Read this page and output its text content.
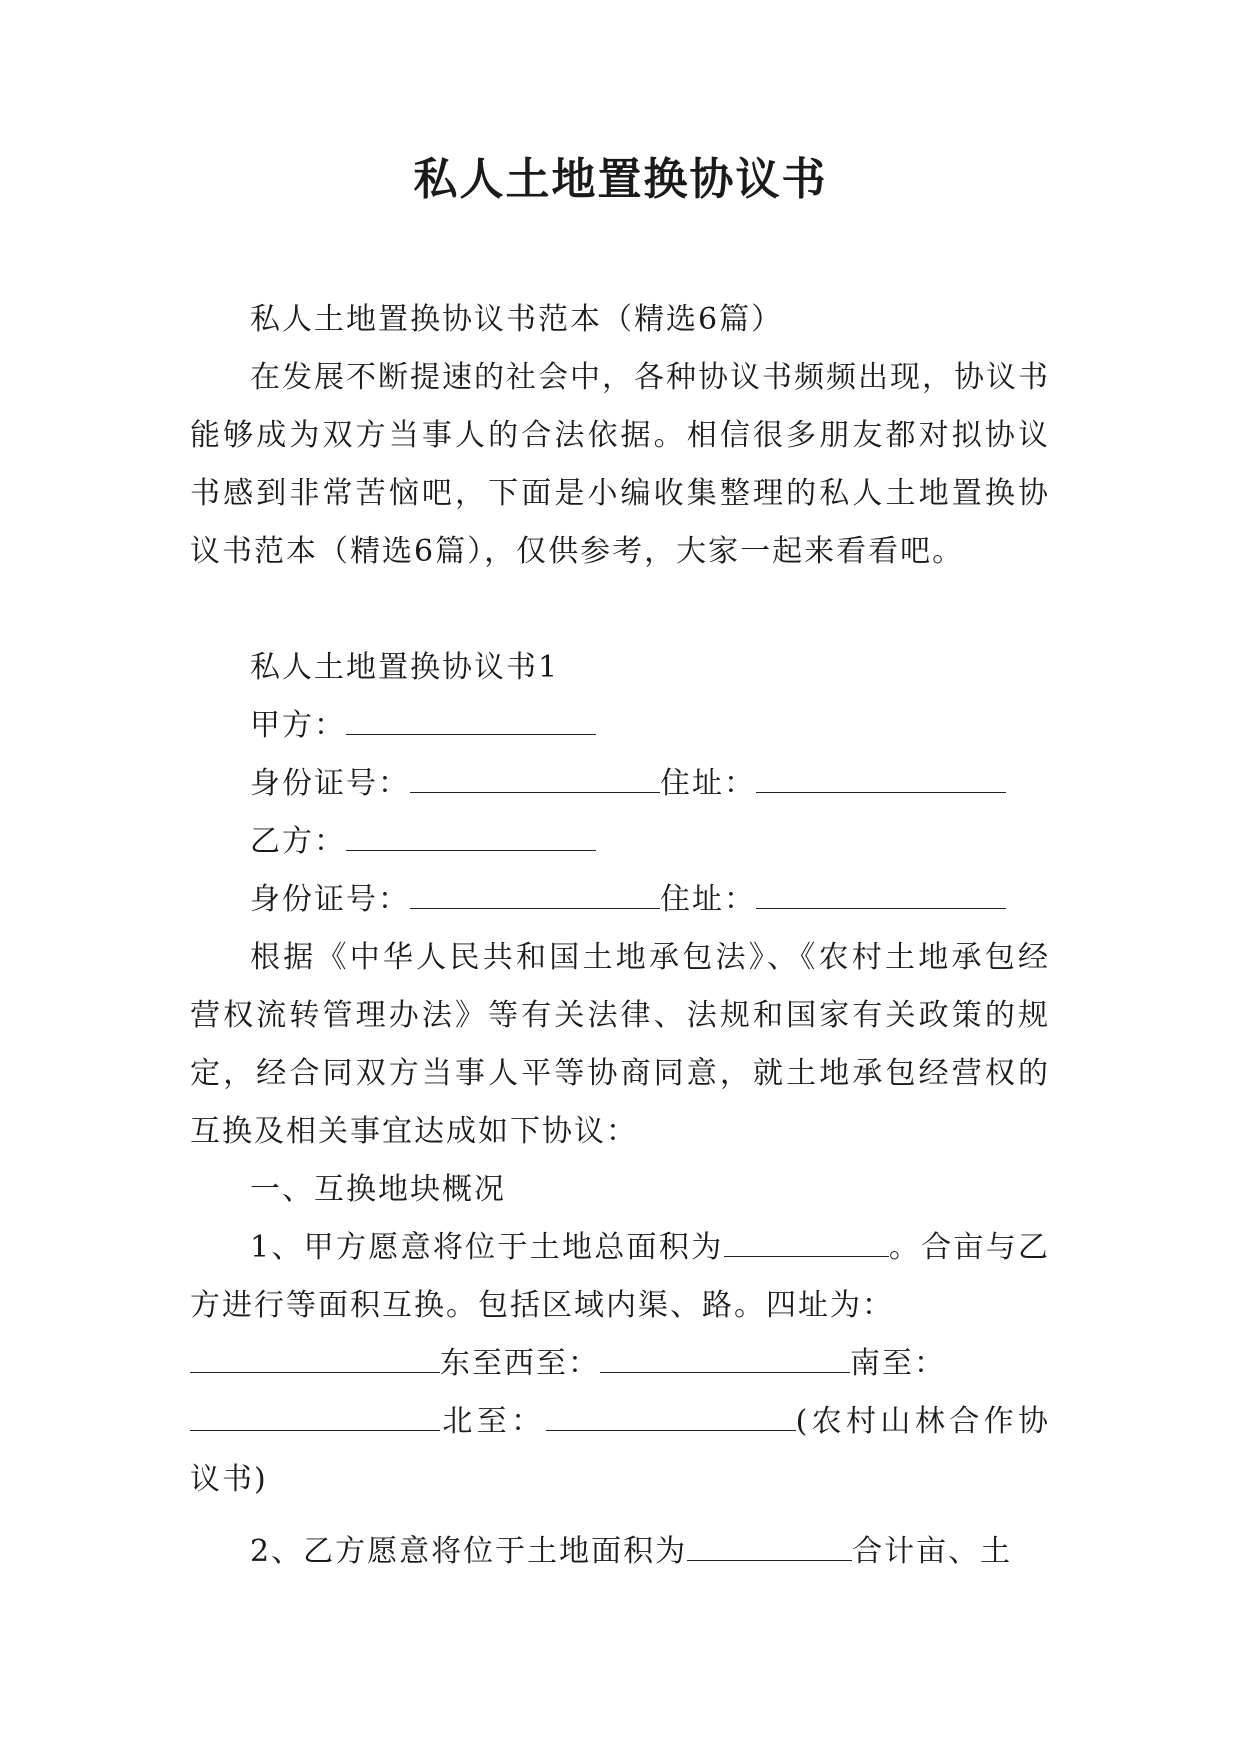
私人土地置换协议书

私人土地置换协议书范本（精选6篇）

在发展不断提速的社会中，各种协议书频频出现，协议书能够成为双方当事人的合法依据。相信很多朋友都对拟协议书感到非常苦恼吧，下面是小编收集整理的私人土地置换协议书范本（精选6篇），仅供参考，大家一起来看看吧。

私人土地置换协议书1

甲方：

身份证号：	住址：

乙方：

身份证号：	住址：

根据《中华人民共和国土地承包法》、《农村土地承包经营权流转管理办法》等有关法律、法规和国家有关政策的规定，经合同双方当事人平等协商同意，就土地承包经营权的互换及相关事宜达成如下协议：

一、互换地块概况

1、甲方愿意将位于土地总面积为	。合亩与乙方进行等面积互换。包括区域内渠、路。四址为：

东至西至：	南至：

北至：	(农村山林合作协议书)

2、乙方愿意将位于土地面积为	合计亩、土
